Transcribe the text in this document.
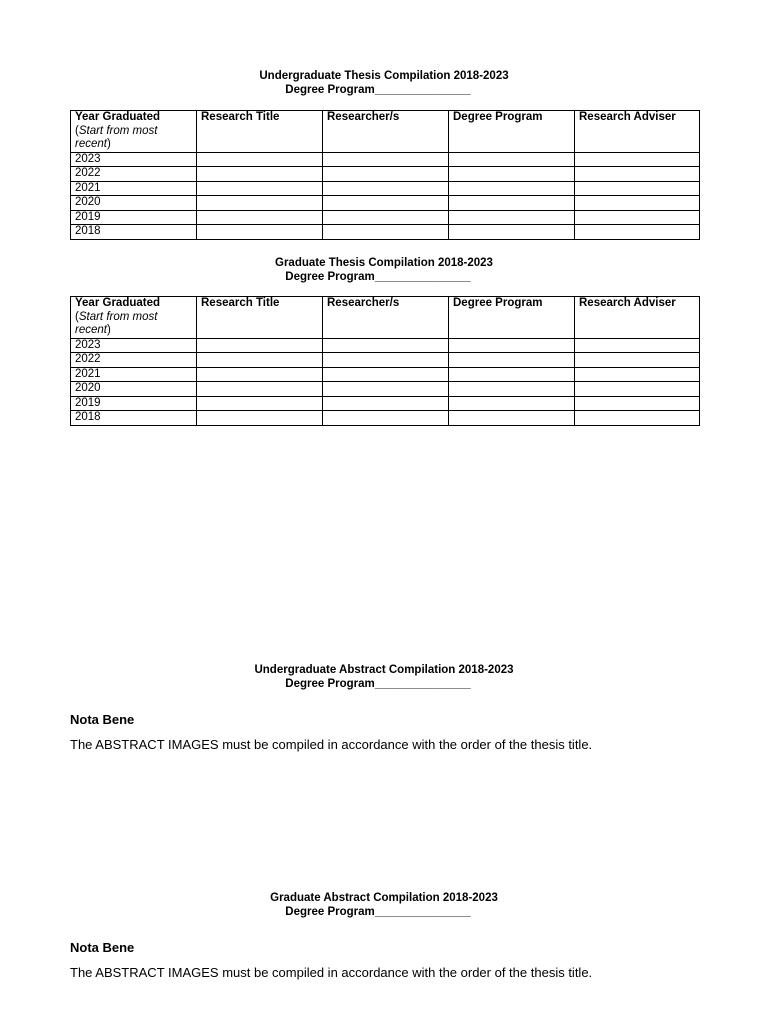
Undergraduate Thesis Compilation 2018-2023
Degree Program_______________
Year Graduated
(Start from most recent)	Research Title	Researcher/s	Degree Program	Research Adviser
2023				
2022				
2021				
2020				
2019				
2018				
Graduate Thesis Compilation 2018-2023
Degree Program_______________
Year Graduated
(Start from most recent)	Research Title	Researcher/s	Degree Program	Research Adviser
2023				
2022				
2021				
2020				
2019				
2018				
Undergraduate Abstract Compilation 2018-2023
Degree Program_______________
Nota Bene
The ABSTRACT IMAGES must be compiled in accordance with the order of the thesis title.
Graduate Abstract Compilation 2018-2023
Degree Program_______________
Nota Bene
The ABSTRACT IMAGES must be compiled in accordance with the order of the thesis title.
